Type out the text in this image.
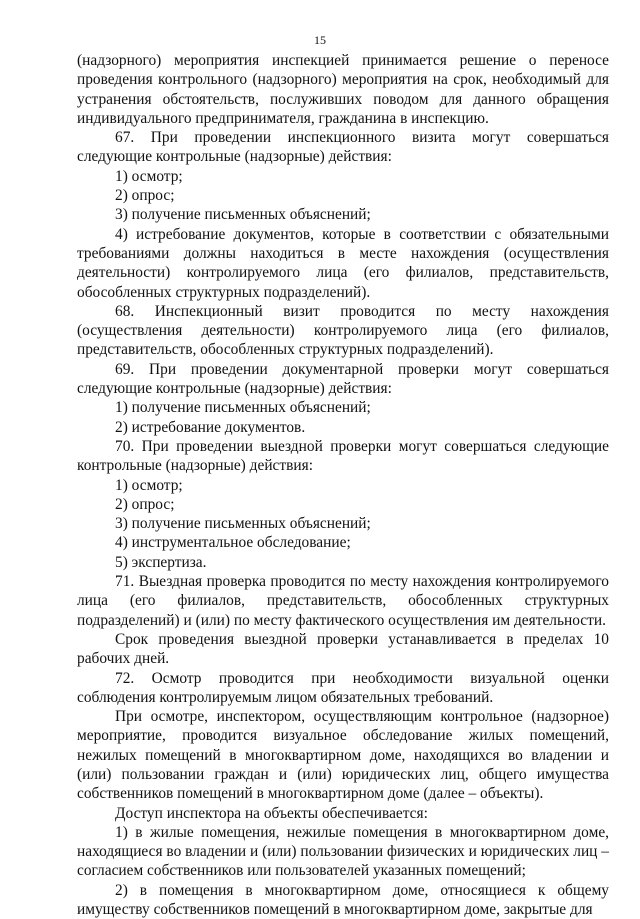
15

(надзорного) мероприятия инспекцией принимается решение о переносе проведения контрольного (надзорного) мероприятия на срок, необходимый для устранения обстоятельств, послуживших поводом для данного обращения индивидуального предпринимателя, гражданина в инспекцию.

67. При проведении инспекционного визита могут совершаться следующие контрольные (надзорные) действия:

1) осмотр;

2) опрос;

3) получение письменных объяснений;

4) истребование документов, которые в соответствии с обязательными требованиями должны находиться в месте нахождения (осуществления деятельности) контролируемого лица (его филиалов, представительств, обособленных структурных подразделений).

68. Инспекционный визит проводится по месту нахождения (осуществления деятельности) контролируемого лица (его филиалов, представительств, обособленных структурных подразделений).

69. При проведении документарной проверки могут совершаться следующие контрольные (надзорные) действия:

1) получение письменных объяснений;

2) истребование документов.

70. При проведении выездной проверки могут совершаться следующие контрольные (надзорные) действия:

1) осмотр;

2) опрос;

3) получение письменных объяснений;

4) инструментальное обследование;

5) экспертиза.

71. Выездная проверка проводится по месту нахождения контролируемого лица (его филиалов, представительств, обособленных структурных подразделений) и (или) по месту фактического осуществления им деятельности.

Срок проведения выездной проверки устанавливается в пределах 10 рабочих дней.

72. Осмотр проводится при необходимости визуальной оценки соблюдения контролируемым лицом обязательных требований.

При осмотре, инспектором, осуществляющим контрольное (надзорное) мероприятие, проводится визуальное обследование жилых помещений, нежилых помещений в многоквартирном доме, находящихся во владении и (или) пользовании граждан и (или) юридических лиц, общего имущества собственников помещений в многоквартирном доме (далее – объекты).

Доступ инспектора на объекты обеспечивается:

1) в жилые помещения, нежилые помещения в многоквартирном доме, находящиеся во владении и (или) пользовании физических и юридических лиц – согласием собственников или пользователей указанных помещений;

2) в помещения в многоквартирном доме, относящиеся к общему имуществу собственников помещений в многоквартирном доме, закрытые для
